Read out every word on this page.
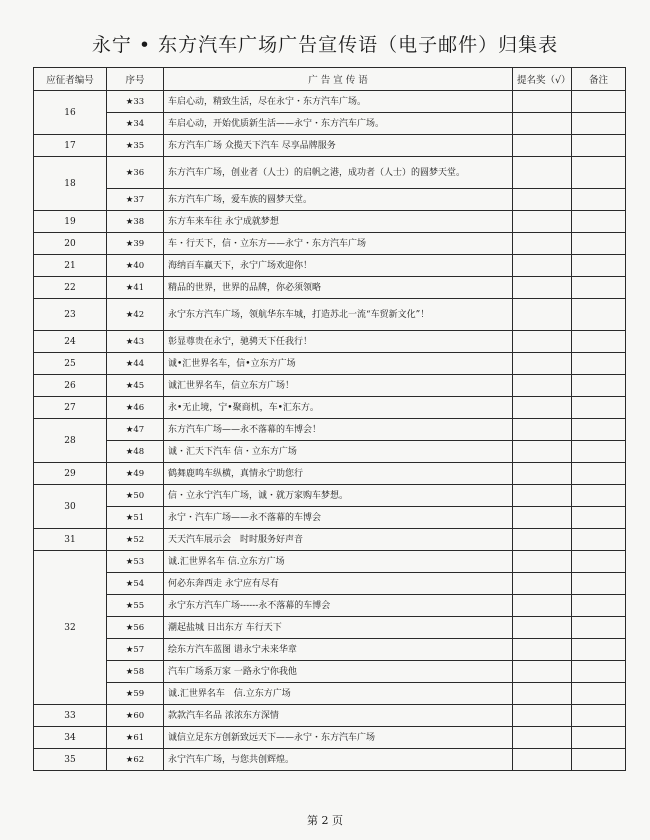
永宁 • 东方汽车广场广告宣传语（电子邮件）归集表
应征者编号	序号	广 告 宣 传 语	提名奖（√）	备注
16	★33	车启心动，精致生活，尽在永宁・东方汽车广场。		
	★34	车启心动，开始优质新生活——永宁・东方汽车广场。		
17	★35	东方汽车广场 众揽天下汽车 尽享品牌服务		
18	★36	东方汽车广场，创业者（人士）的启帆之港，成功者（人士）的圆梦天堂。		
	★37	东方汽车广场，爱车族的圆梦天堂。		
19	★38	东方车来车往 永宁成就梦想		
20	★39	车・行天下，信・立东方——永宁・东方汽车广场		
21	★40	海纳百车赢天下，永宁广场欢迎你！		
22	★41	精品的世界，世界的品牌，你必须领略		
23	★42	永宁东方汽车广场，领航华东车城，打造苏北一流“车贸新文化”！		
24	★43	彰显尊贵在永宁，驰骋天下任我行！		
25	★44	诚•汇世界名车，信•立东方广场		
26	★45	诚汇世界名车，信立东方广场！		
27	★46	永•无止境，宁•聚商机，车•汇东方。		
28	★47	东方汽车广场——永不落幕的车博会！		
	★48	诚・汇天下汽车 信・立东方广场		
29	★49	鹤舞鹿鸣车纵横，真情永宁助您行		
30	★50	信・立永宁汽车广场，诚・就万家购车梦想。		
	★51	永宁・汽车广场——永不落幕的车博会		
31	★52	天天汽车展示会　时时服务好声音		
32	★53	诚.汇世界名车 信.立东方广场		
	★54	何必东奔西走 永宁应有尽有		
	★55	永宁东方汽车广场------永不落幕的车博会		
	★56	潮起盐城 日出东方 车行天下		
	★57	绘东方汽车蓝图 谱永宁未来华章		
	★58	汽车广场系万家 一路永宁你我他		
	★59	诚.汇世界名车　信.立东方广场		
33	★60	款款汽车名品 浓浓东方深情		
34	★61	诚信立足东方创新致远天下——永宁・东方汽车广场		
35	★62	永宁汽车广场，与您共创辉煌。		
第 2 页
